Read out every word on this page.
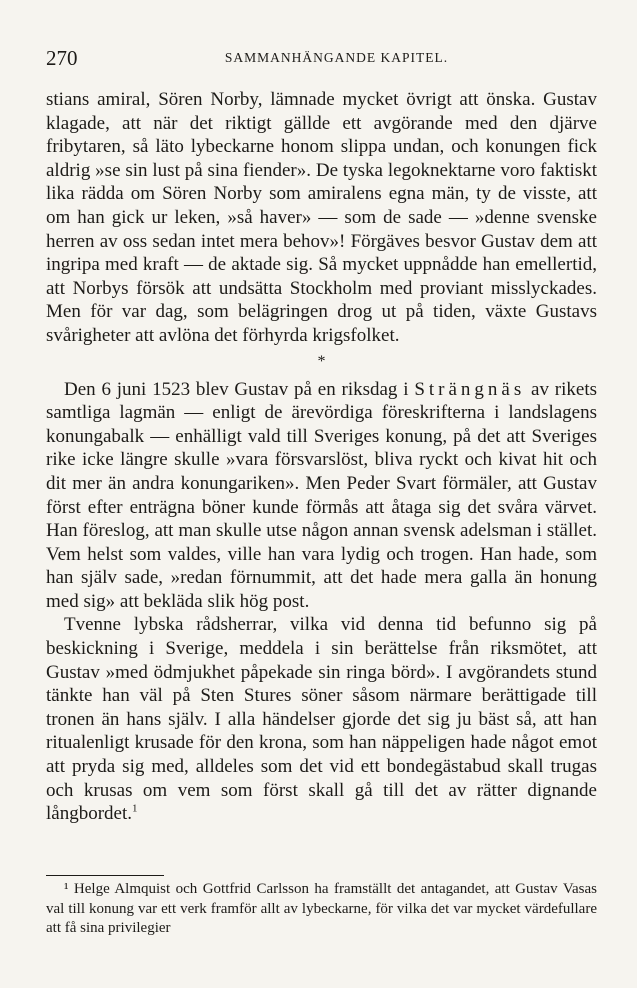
270	SAMMANHÄNGANDE KAPITEL.

stians amiral, Sören Norby, lämnade mycket övrigt att önska. Gustav klagade, att när det riktigt gällde ett avgörande med den djärve fribytaren, så läto lybeckarne honom slippa undan, och konungen fick aldrig »se sin lust på sina fiender». De tyska legoknektarne voro faktiskt lika rädda om Sören Norby som amiralens egna män, ty de visste, att om han gick ur leken, »så haver» — som de sade — »denne svenske herren av oss sedan intet mera behov»! Förgäves besvor Gustav dem att ingripa med kraft — de aktade sig. Så mycket uppnådde han emellertid, att Norbys försök att undsätta Stockholm med proviant misslyckades. Men för var dag, som belägringen drog ut på tiden, växte Gustavs svårigheter att avlöna det förhyrda krigsfolket.

*

Den 6 juni 1523 blev Gustav på en riksdag i Strängnäs av rikets samtliga lagmän — enligt de ärevördiga föreskrifterna i landslagens konungabalk — enhälligt vald till Sveriges konung, på det att Sveriges rike icke längre skulle »vara försvarslöst, bliva ryckt och kivat hit och dit mer än andra konungariken». Men Peder Svart förmäler, att Gustav först efter enträgna böner kunde förmås att åtaga sig det svåra värvet. Han föreslog, att man skulle utse någon annan svensk adelsman i stället. Vem helst som valdes, ville han vara lydig och trogen. Han hade, som han själv sade, »redan förnummit, att det hade mera galla än honung med sig» att bekläda slik hög post.

Tvenne lybska rådsherrar, vilka vid denna tid befunno sig på beskickning i Sverige, meddela i sin berättelse från riksmötet, att Gustav »med ödmjukhet påpekade sin ringa börd». I avgörandets stund tänkte han väl på Sten Stures söner såsom närmare berättigade till tronen än hans själv. I alla händelser gjorde det sig ju bäst så, att han ritualenligt krusade för den krona, som han näppeligen hade något emot att pryda sig med, alldeles som det vid ett bondegästabud skall trugas och krusas om vem som först skall gå till det av rätter dignande långbordet.$^1$

¹ Helge Almquist och Gottfrid Carlsson ha framställt det antagandet, att Gustav Vasas val till konung var ett verk framför allt av lybeckarne, för vilka det var mycket värdefullare att få sina privilegier
